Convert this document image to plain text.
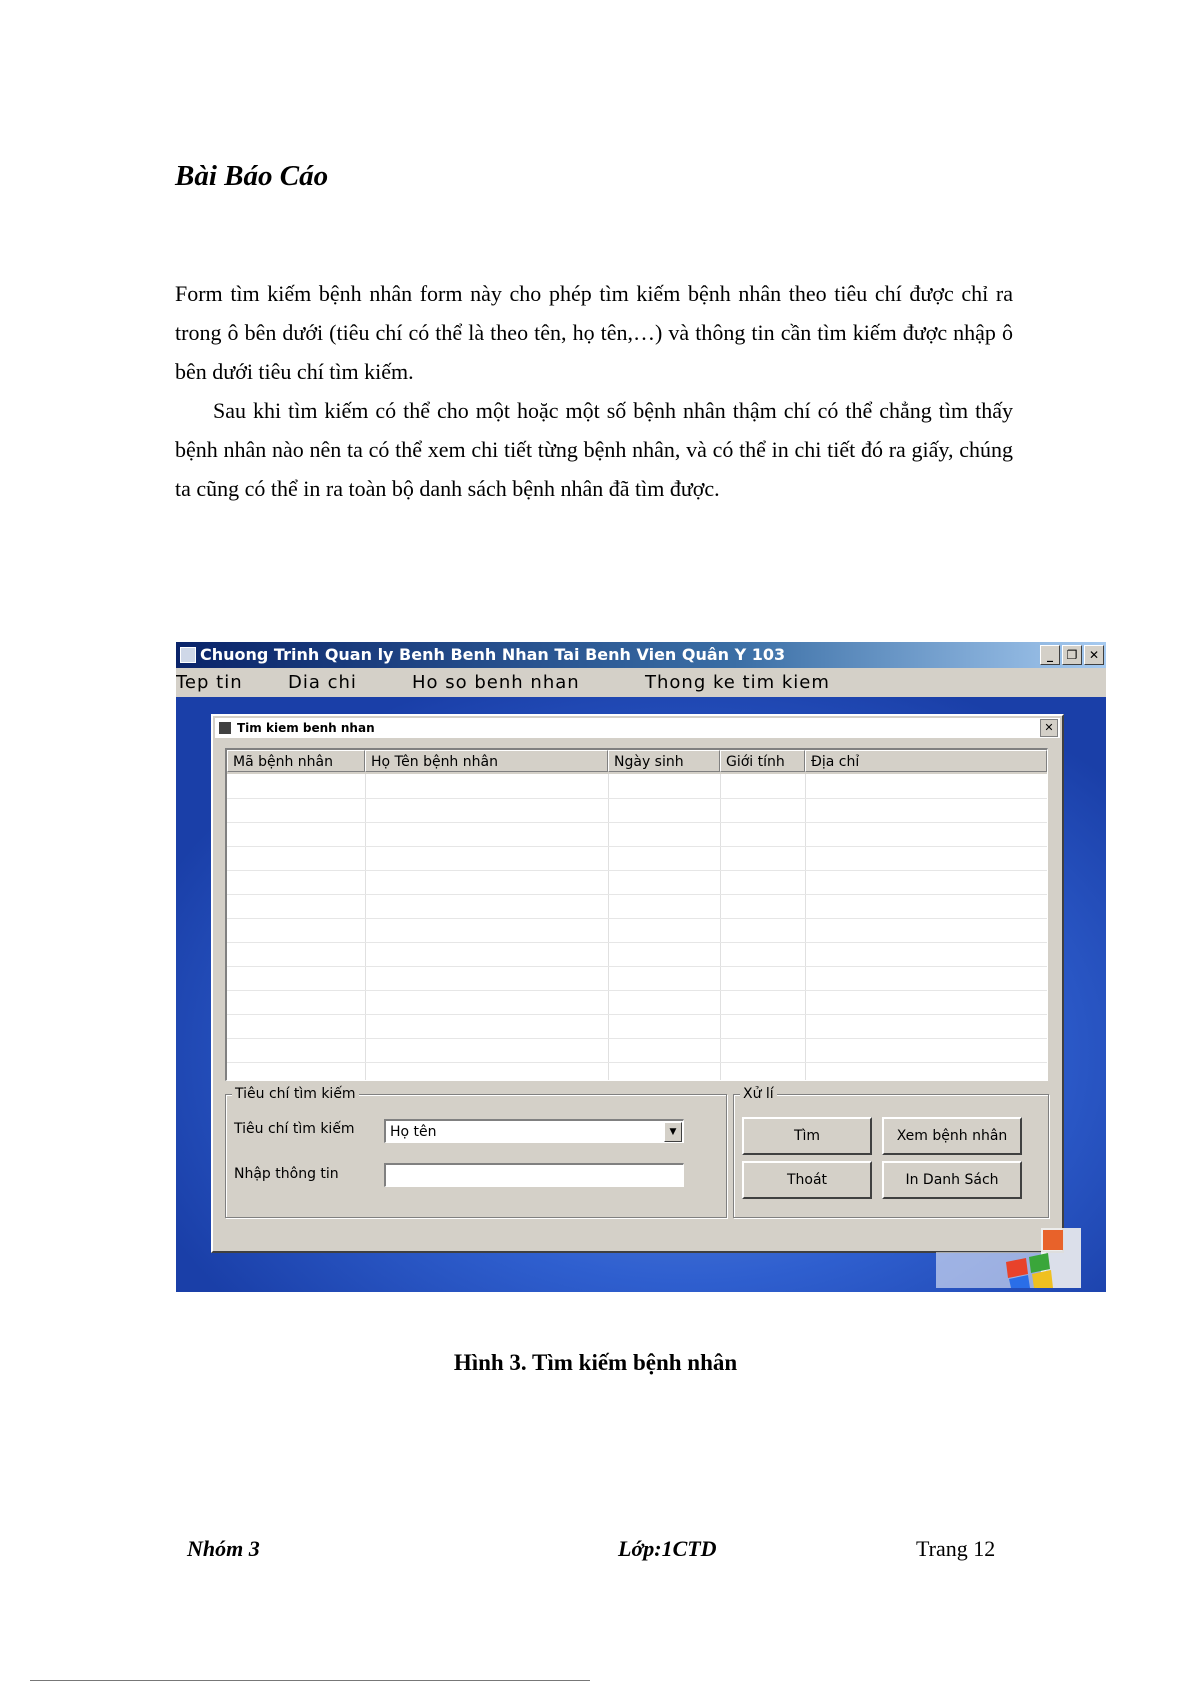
Bài Báo Cáo

Form tìm kiếm bệnh nhân form này cho phép tìm kiếm bệnh nhân theo tiêu chí được chỉ ra trong ô bên dưới (tiêu chí có thể là theo tên, họ tên,…) và thông tin cần tìm kiếm được nhập ô bên dưới tiêu chí tìm kiếm.

Sau khi tìm kiếm có thể cho một hoặc một số bệnh nhân thậm chí có thể chẳng tìm thấy bệnh nhân nào nên ta có thể xem chi tiết từng bệnh nhân, và có thể in chi tiết đó ra giấy, chúng ta cũng có thể in ra toàn bộ danh sách bệnh nhân đã tìm được.

Chuong Trinh Quan ly Benh Benh Nhan Tai Benh Vien Quân Y 103	_	❐ ✕
Tep tin	Dia chi	Ho so benh nhan	Thong ke tim kiem
Tim kiem benh nhan	✕
Mã bệnh nhân	Họ Tên bệnh nhân	Ngày sinh	Giới tính	Địa chỉ
Tiêu chí tìm kiếm
Tiêu chí tìm kiếm	Họ tên	▼
Nhập thông tin
Xử lí
Tìm	Xem bệnh nhân
Thoát	In Danh Sách
Hình 3. Tìm kiếm bệnh nhân
Nhóm 3	Lớp:1CTD	Trang 12
